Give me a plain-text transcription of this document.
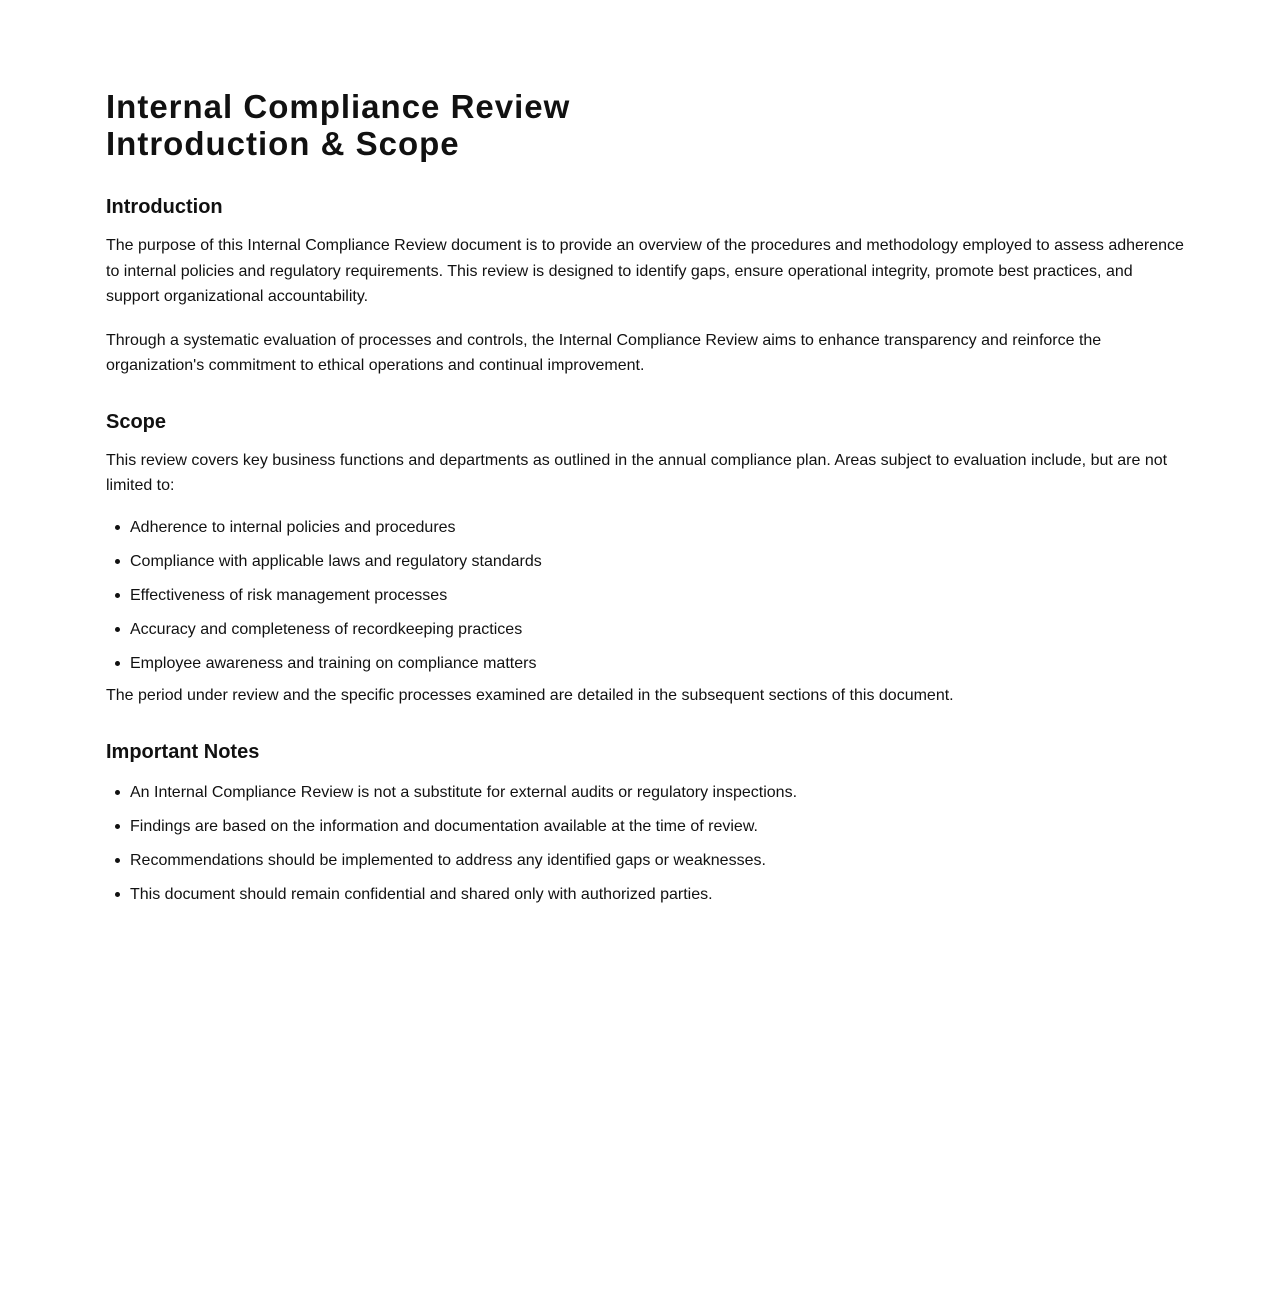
Internal Compliance Review
Introduction & Scope
Introduction

The purpose of this Internal Compliance Review document is to provide an overview of the procedures and methodology employed to assess adherence to internal policies and regulatory requirements. This review is designed to identify gaps, ensure operational integrity, promote best practices, and support organizational accountability.

Through a systematic evaluation of processes and controls, the Internal Compliance Review aims to enhance transparency and reinforce the organization's commitment to ethical operations and continual improvement.

Scope

This review covers key business functions and departments as outlined in the annual compliance plan. Areas subject to evaluation include, but are not limited to:

Adherence to internal policies and procedures
Compliance with applicable laws and regulatory standards
Effectiveness of risk management processes
Accuracy and completeness of recordkeeping practices
Employee awareness and training on compliance matters

The period under review and the specific processes examined are detailed in the subsequent sections of this document.

Important Notes
An Internal Compliance Review is not a substitute for external audits or regulatory inspections.
Findings are based on the information and documentation available at the time of review.
Recommendations should be implemented to address any identified gaps or weaknesses.
This document should remain confidential and shared only with authorized parties.
